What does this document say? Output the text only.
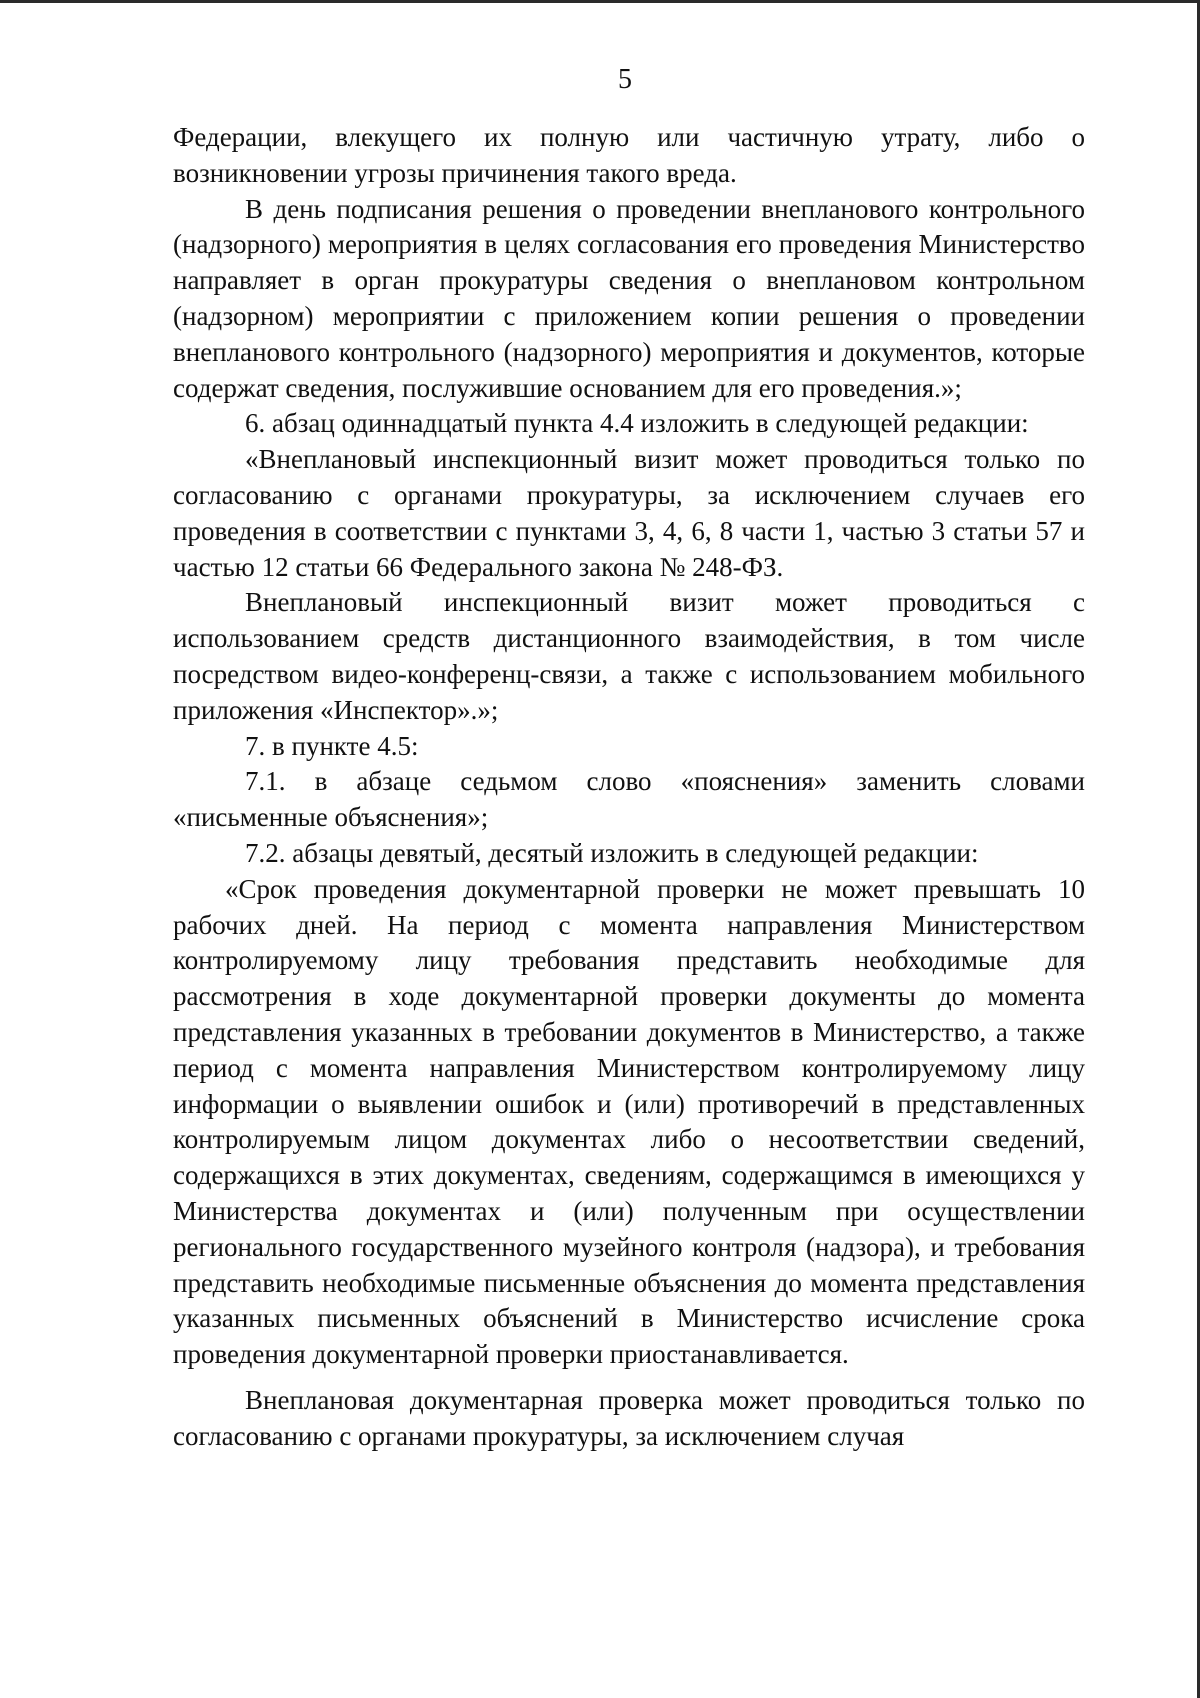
5

Федерации, влекущего их полную или частичную утрату, либо о возникновении угрозы причинения такого вреда.

В день подписания решения о проведении внепланового контрольного (надзорного) мероприятия в целях согласования его проведения Министерство направляет в орган прокуратуры сведения о внеплановом контрольном (надзорном) мероприятии с приложением копии решения о проведении внепланового контрольного (надзорного) мероприятия и документов, которые содержат сведения, послужившие основанием для его проведения.»;

6. абзац одиннадцатый пункта 4.4 изложить в следующей редакции:

«Внеплановый инспекционный визит может проводиться только по согласованию с органами прокуратуры, за исключением случаев его проведения в соответствии с пунктами 3, 4, 6, 8 части 1, частью 3 статьи 57 и частью 12 статьи 66 Федерального закона № 248-ФЗ.

Внеплановый инспекционный визит может проводиться с использованием средств дистанционного взаимодействия, в том числе посредством видео-конференц-связи, а также с использованием мобильного приложения «Инспектор».»;

7. в пункте 4.5:

7.1. в абзаце седьмом слово «пояснения» заменить словами «письменные объяснения»;

7.2. абзацы девятый, десятый изложить в следующей редакции:

«Срок проведения документарной проверки не может превышать 10 рабочих дней. На период с момента направления Министерством контролируемому лицу требования представить необходимые для рассмотрения в ходе документарной проверки документы до момента представления указанных в требовании документов в Министерство, а также период с момента направления Министерством контролируемому лицу информации о выявлении ошибок и (или) противоречий в представленных контролируемым лицом документах либо о несоответствии сведений, содержащихся в этих документах, сведениям, содержащимся в имеющихся у Министерства документах и (или) полученным при осуществлении регионального государственного музейного контроля (надзора), и требования представить необходимые письменные объяснения до момента представления указанных письменных объяснений в Министерство исчисление срока проведения документарной проверки приостанавливается.

Внеплановая документарная проверка может проводиться только по согласованию с органами прокуратуры, за исключением случая
